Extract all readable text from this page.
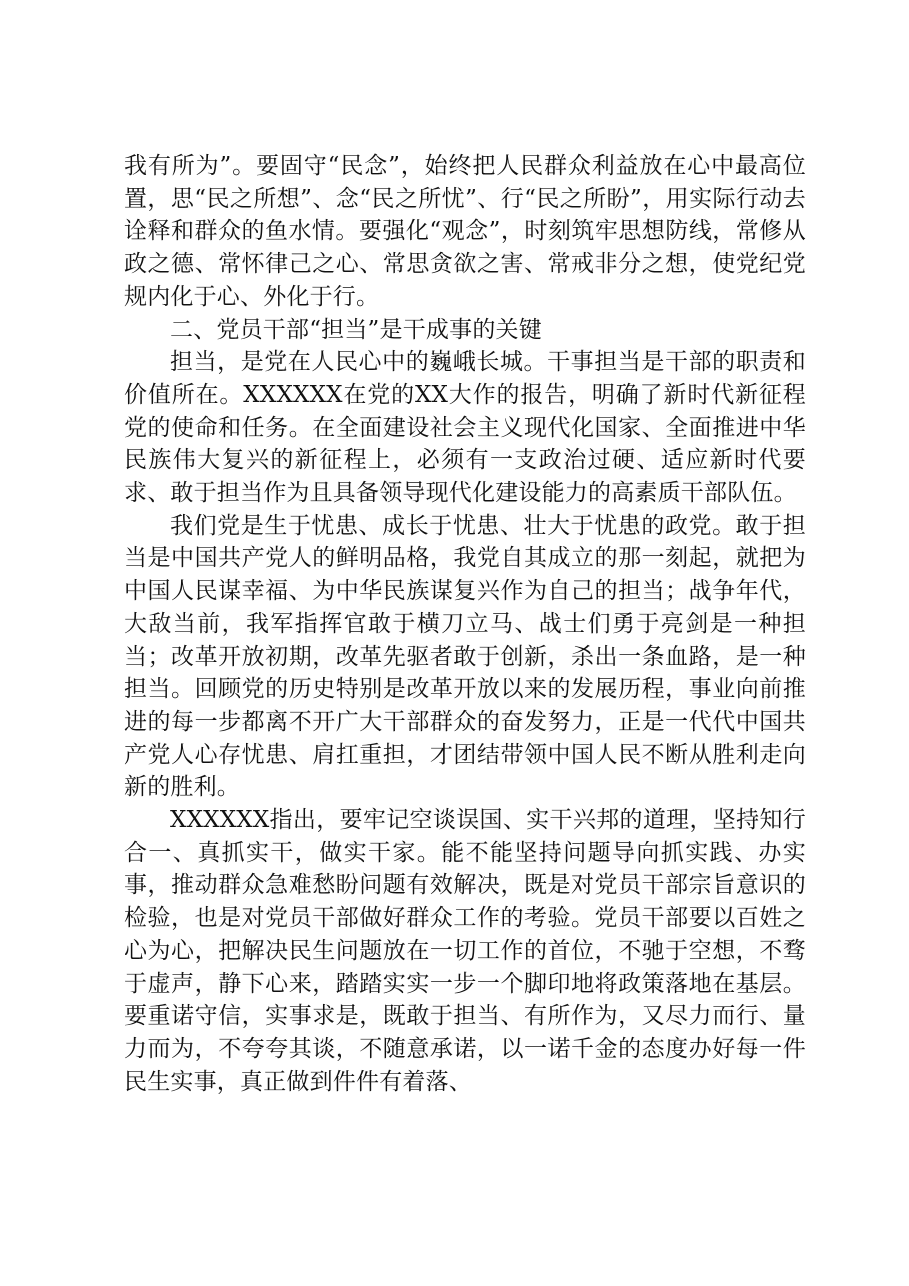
我有所为”。要固守“民念”，始终把人民群众利益放在心中最高位置，思“民之所想”、念“民之所忧”、行“民之所盼”，用实际行动去诠释和群众的鱼水情。要强化“观念”，时刻筑牢思想防线，常修从政之德、常怀律己之心、常思贪欲之害、常戒非分之想，使党纪党规内化于心、外化于行。

二、党员干部“担当”是干成事的关键

担当，是党在人民心中的巍峨长城。干事担当是干部的职责和价值所在。XXXXXX在党的XX大作的报告，明确了新时代新征程党的使命和任务。在全面建设社会主义现代化国家、全面推进中华民族伟大复兴的新征程上，必须有一支政治过硬、适应新时代要求、敢于担当作为且具备领导现代化建设能力的高素质干部队伍。

我们党是生于忧患、成长于忧患、壮大于忧患的政党。敢于担当是中国共产党人的鲜明品格，我党自其成立的那一刻起，就把为中国人民谋幸福、为中华民族谋复兴作为自己的担当；战争年代，大敌当前，我军指挥官敢于横刀立马、战士们勇于亮剑是一种担当；改革开放初期，改革先驱者敢于创新，杀出一条血路，是一种担当。回顾党的历史特别是改革开放以来的发展历程，事业向前推进的每一步都离不开广大干部群众的奋发努力，正是一代代中国共产党人心存忧患、肩扛重担，才团结带领中国人民不断从胜利走向新的胜利。

XXXXXX指出，要牢记空谈误国、实干兴邦的道理，坚持知行合一、真抓实干，做实干家。能不能坚持问题导向抓实践、办实事，推动群众急难愁盼问题有效解决，既是对党员干部宗旨意识的检验，也是对党员干部做好群众工作的考验。党员干部要以百姓之心为心，把解决民生问题放在一切工作的首位，不驰于空想，不骛于虚声，静下心来，踏踏实实一步一个脚印地将政策落地在基层。要重诺守信，实事求是，既敢于担当、有所作为，又尽力而行、量力而为，不夸夸其谈，不随意承诺，以一诺千金的态度办好每一件民生实事，真正做到件件有着落、
